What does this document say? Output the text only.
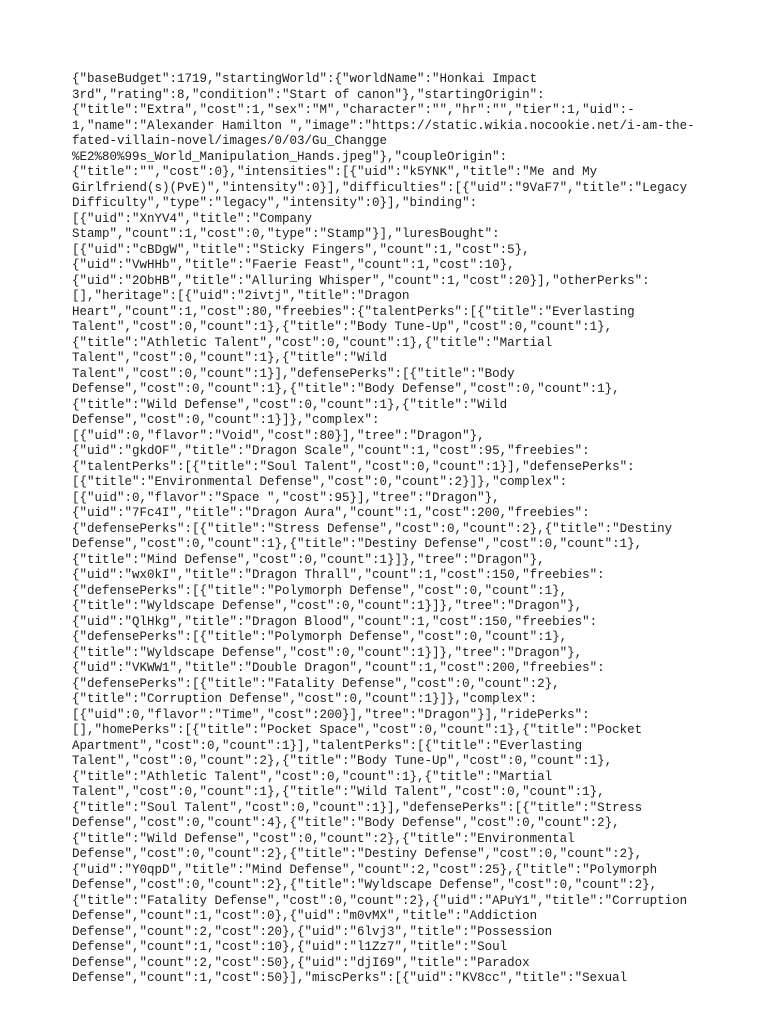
{"baseBudget":1719,"startingWorld":{"worldName":"Honkai Impact
3rd","rating":8,"condition":"Start of canon"},"startingOrigin":
{"title":"Extra","cost":1,"sex":"M","character":"","hr":"","tier":1,"uid":-
1,"name":"Alexander Hamilton ","image":"https://static.wikia.nocookie.net/i-am-the-
fated-villain-novel/images/0/03/Gu_Changge
%E2%80%99s_World_Manipulation_Hands.jpeg"},"coupleOrigin":
{"title":"","cost":0},"intensities":[{"uid":"k5YNK","title":"Me and My
Girlfriend(s)(PvE)","intensity":0}],"difficulties":[{"uid":"9VaF7","title":"Legacy
Difficulty","type":"legacy","intensity":0}],"binding":
[{"uid":"XnYV4","title":"Company
Stamp","count":1,"cost":0,"type":"Stamp"}],"luresBought":
[{"uid":"cBDgW","title":"Sticky Fingers","count":1,"cost":5},
{"uid":"VwHHb","title":"Faerie Feast","count":1,"cost":10},
{"uid":"2ObHB","title":"Alluring Whisper","count":1,"cost":20}],"otherPerks":
[],"heritage":[{"uid":"2ivtj","title":"Dragon
Heart","count":1,"cost":80,"freebies":{"talentPerks":[{"title":"Everlasting
Talent","cost":0,"count":1},{"title":"Body Tune-Up","cost":0,"count":1},
{"title":"Athletic Talent","cost":0,"count":1},{"title":"Martial
Talent","cost":0,"count":1},{"title":"Wild
Talent","cost":0,"count":1}],"defensePerks":[{"title":"Body
Defense","cost":0,"count":1},{"title":"Body Defense","cost":0,"count":1},
{"title":"Wild Defense","cost":0,"count":1},{"title":"Wild
Defense","cost":0,"count":1}]},"complex":
[{"uid":0,"flavor":"Void","cost":80}],"tree":"Dragon"},
{"uid":"gkdOF","title":"Dragon Scale","count":1,"cost":95,"freebies":
{"talentPerks":[{"title":"Soul Talent","cost":0,"count":1}],"defensePerks":
[{"title":"Environmental Defense","cost":0,"count":2}]},"complex":
[{"uid":0,"flavor":"Space ","cost":95}],"tree":"Dragon"},
{"uid":"7Fc4I","title":"Dragon Aura","count":1,"cost":200,"freebies":
{"defensePerks":[{"title":"Stress Defense","cost":0,"count":2},{"title":"Destiny
Defense","cost":0,"count":1},{"title":"Destiny Defense","cost":0,"count":1},
{"title":"Mind Defense","cost":0,"count":1}]},"tree":"Dragon"},
{"uid":"wx0kI","title":"Dragon Thrall","count":1,"cost":150,"freebies":
{"defensePerks":[{"title":"Polymorph Defense","cost":0,"count":1},
{"title":"Wyldscape Defense","cost":0,"count":1}]},"tree":"Dragon"},
{"uid":"QlHkg","title":"Dragon Blood","count":1,"cost":150,"freebies":
{"defensePerks":[{"title":"Polymorph Defense","cost":0,"count":1},
{"title":"Wyldscape Defense","cost":0,"count":1}]},"tree":"Dragon"},
{"uid":"VKWW1","title":"Double Dragon","count":1,"cost":200,"freebies":
{"defensePerks":[{"title":"Fatality Defense","cost":0,"count":2},
{"title":"Corruption Defense","cost":0,"count":1}]},"complex":
[{"uid":0,"flavor":"Time","cost":200}],"tree":"Dragon"}],"ridePerks":
[],"homePerks":[{"title":"Pocket Space","cost":0,"count":1},{"title":"Pocket
Apartment","cost":0,"count":1}],"talentPerks":[{"title":"Everlasting
Talent","cost":0,"count":2},{"title":"Body Tune-Up","cost":0,"count":1},
{"title":"Athletic Talent","cost":0,"count":1},{"title":"Martial
Talent","cost":0,"count":1},{"title":"Wild Talent","cost":0,"count":1},
{"title":"Soul Talent","cost":0,"count":1}],"defensePerks":[{"title":"Stress
Defense","cost":0,"count":4},{"title":"Body Defense","cost":0,"count":2},
{"title":"Wild Defense","cost":0,"count":2},{"title":"Environmental
Defense","cost":0,"count":2},{"title":"Destiny Defense","cost":0,"count":2},
{"uid":"Y0qpD","title":"Mind Defense","count":2,"cost":25},{"title":"Polymorph
Defense","cost":0,"count":2},{"title":"Wyldscape Defense","cost":0,"count":2},
{"title":"Fatality Defense","cost":0,"count":2},{"uid":"APuY1","title":"Corruption
Defense","count":1,"cost":0},{"uid":"m0vMX","title":"Addiction
Defense","count":2,"cost":20},{"uid":"6lvj3","title":"Possession
Defense","count":1,"cost":10},{"uid":"l1Zz7","title":"Soul
Defense","count":2,"cost":50},{"uid":"djI69","title":"Paradox
Defense","count":1,"cost":50}],"miscPerks":[{"uid":"KV8cc","title":"Sexual
